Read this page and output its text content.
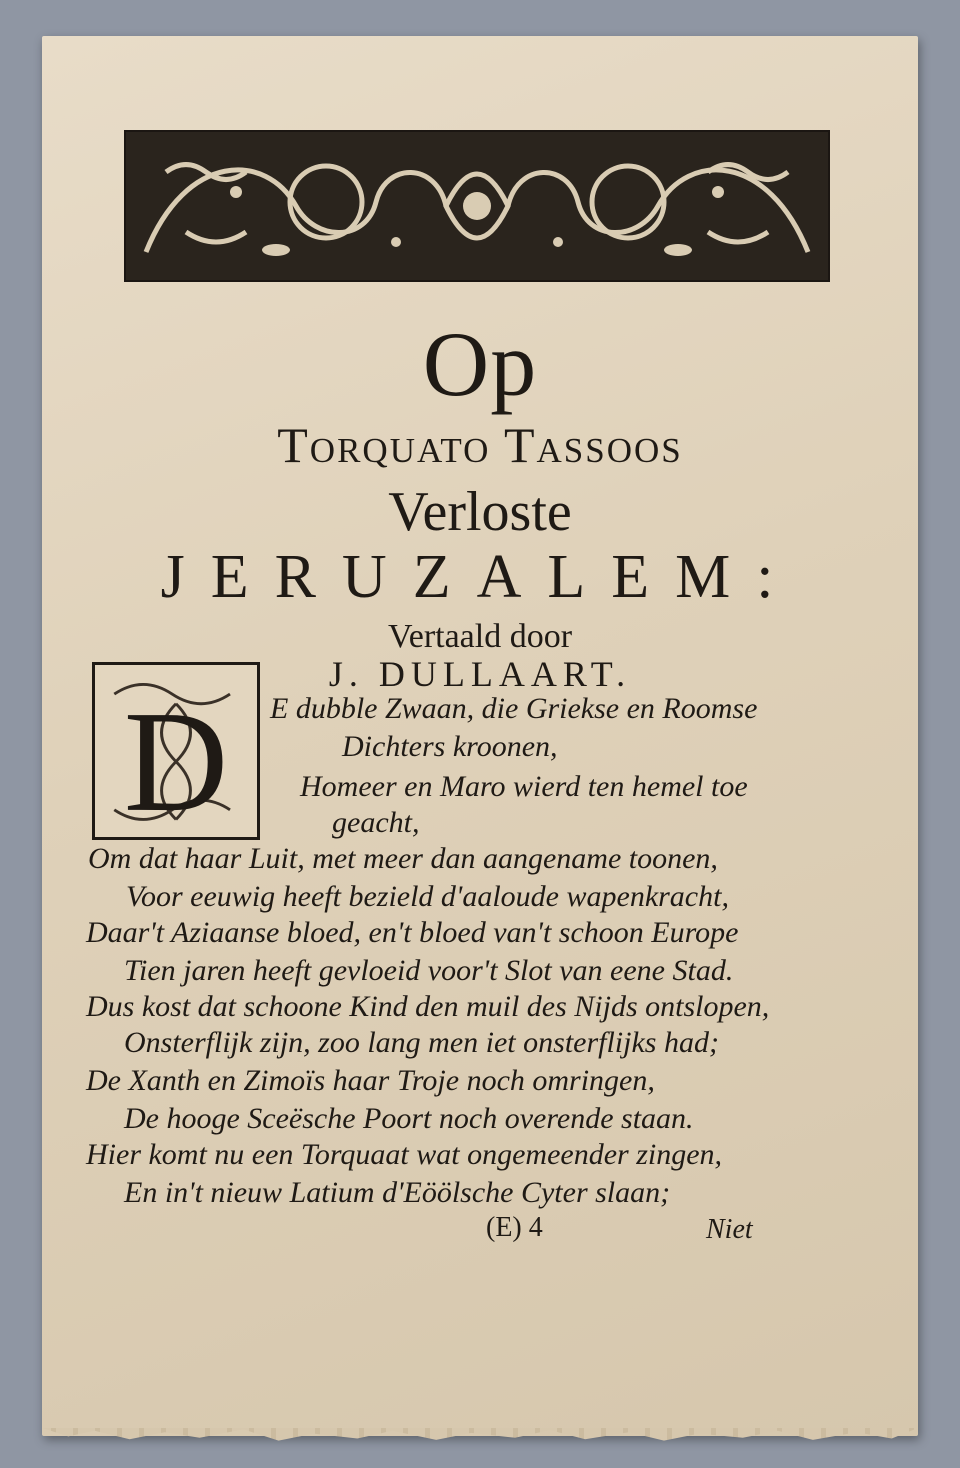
Op
Torquato Tassoos
Verloste
JERUZALEM:
Vertaald door
J. DULLAART.
D E dubble Zwaan, die Griekse en Roomse
Dichters kroonen,
Homeer en Maro wierd ten hemel toe
geacht,
Om dat haar Luit, met meer dan aangename toonen,
Voor eeuwig heeft bezield d'aaloude wapenkracht,
Daar't Aziaanse bloed, en't bloed van't schoon Europe
Tien jaren heeft gevloeid voor't Slot van eene Stad.
Dus kost dat schoone Kind den muil des Nijds ontslopen,
Onsterflijk zijn, zoo lang men iet onsterflijks had;
De Xanth en Zimoïs haar Troje noch omringen,
De hooge Sceësche Poort noch overende staan.
Hier komt nu een Torquaat wat ongemeender zingen,
En in't nieuw Latium d'Eöölsche Cyter slaan;
(E) 4	Niet
